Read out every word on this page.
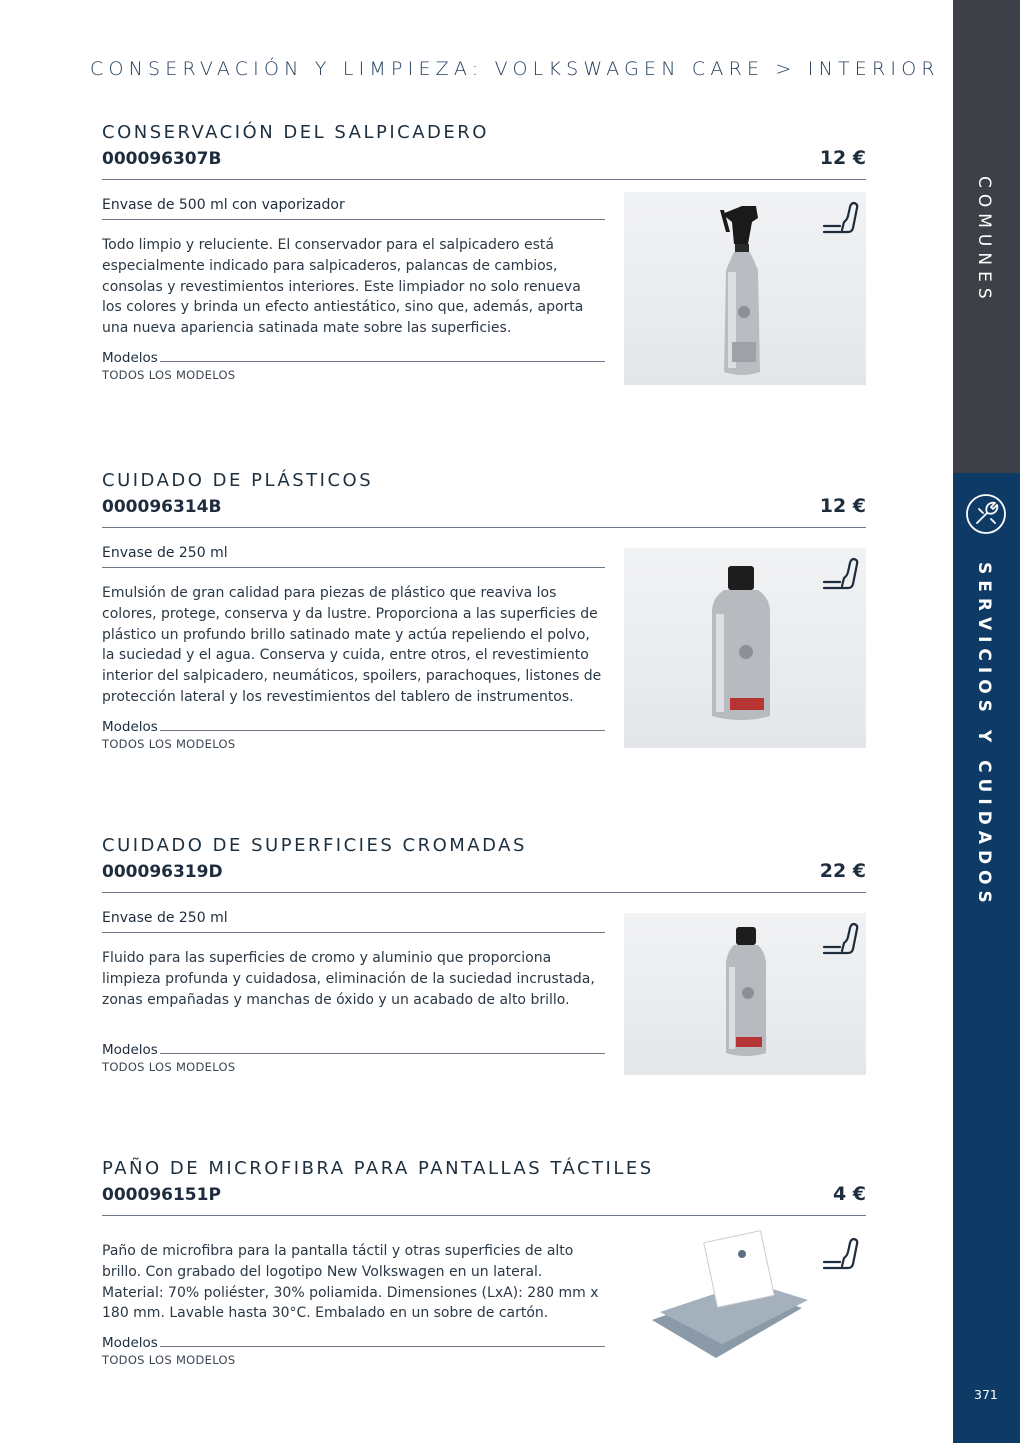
CONSERVACIÓN Y LIMPIEZA: VOLKSWAGEN CARE > INTERIOR
CONSERVACIÓN DEL SALPICADERO
000096307B	12 €
Envase de 500 ml con vaporizador
Todo limpio y reluciente. El conservador para el salpicadero está especialmente indicado para salpicaderos, palancas de cambios, consolas y revestimientos interiores. Este limpiador no solo renueva los colores y brinda un efecto antiestático, sino que, además, aporta una nueva apariencia satinada mate sobre las superficies.
Modelos
TODOS LOS MODELOS
CUIDADO DE PLÁSTICOS
000096314B	12 €
Envase de 250 ml
Emulsión de gran calidad para piezas de plástico que reaviva los colores, protege, conserva y da lustre. Proporciona a las superficies de plástico un profundo brillo satinado mate y actúa repeliendo el polvo, la suciedad y el agua. Conserva y cuida, entre otros, el revestimiento interior del salpicadero, neumáticos, spoilers, parachoques, listones de protección lateral y los revestimientos del tablero de instrumentos.
Modelos
TODOS LOS MODELOS
CUIDADO DE SUPERFICIES CROMADAS
000096319D	22 €
Envase de 250 ml
Fluido para las superficies de cromo y aluminio que proporciona limpieza profunda y cuidadosa, eliminación de la suciedad incrustada, zonas empañadas y manchas de óxido y un acabado de alto brillo.
Modelos
TODOS LOS MODELOS
PAÑO DE MICROFIBRA PARA PANTALLAS TÁCTILES
000096151P	4 €
Paño de microfibra para la pantalla táctil y otras superficies de alto brillo. Con grabado del logotipo New Volkswagen en un lateral. Material: 70% poliéster, 30% poliamida. Dimensiones (LxA): 280 mm x 180 mm. Lavable hasta 30°C. Embalado en un sobre de cartón.
Modelos
TODOS LOS MODELOS
COMUNES
SERVICIOS Y CUIDADOS
371
